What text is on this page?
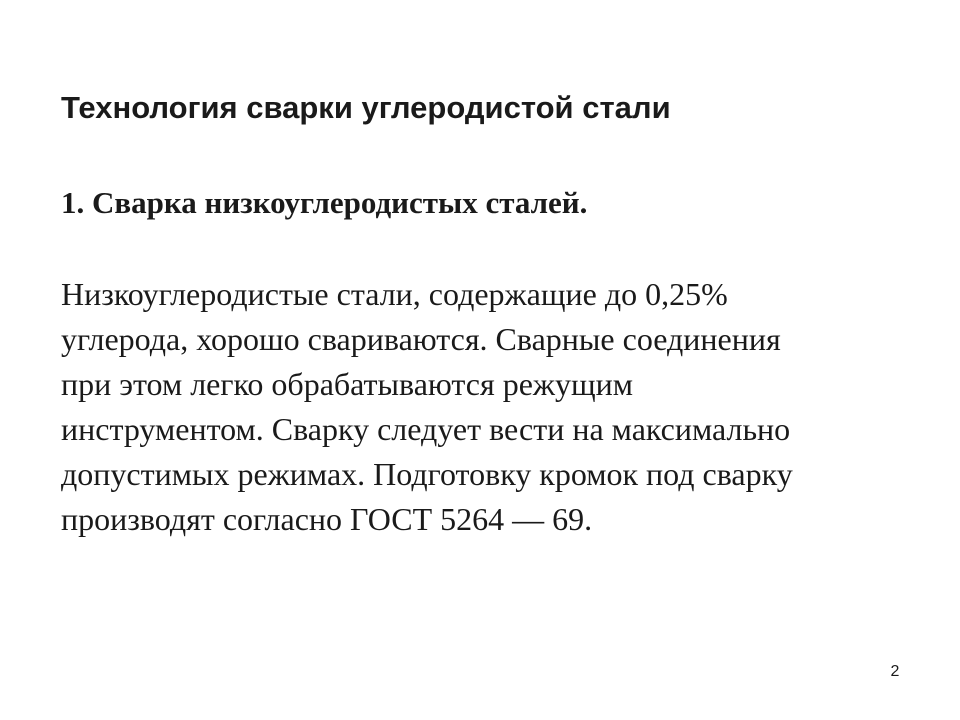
Технология сварки углеродистой стали
1. Сварка низкоуглеродистых сталей.

Низкоуглеродистые стали, содержащие до 0,25%
углерода, хорошо свариваются. Сварные соединения
при этом легко обрабатываются режущим
инструментом. Сварку следует вести на максимально
допустимых режимах. Подготовку кромок под сварку
производят согласно ГОСТ 5264 — 69.

2
